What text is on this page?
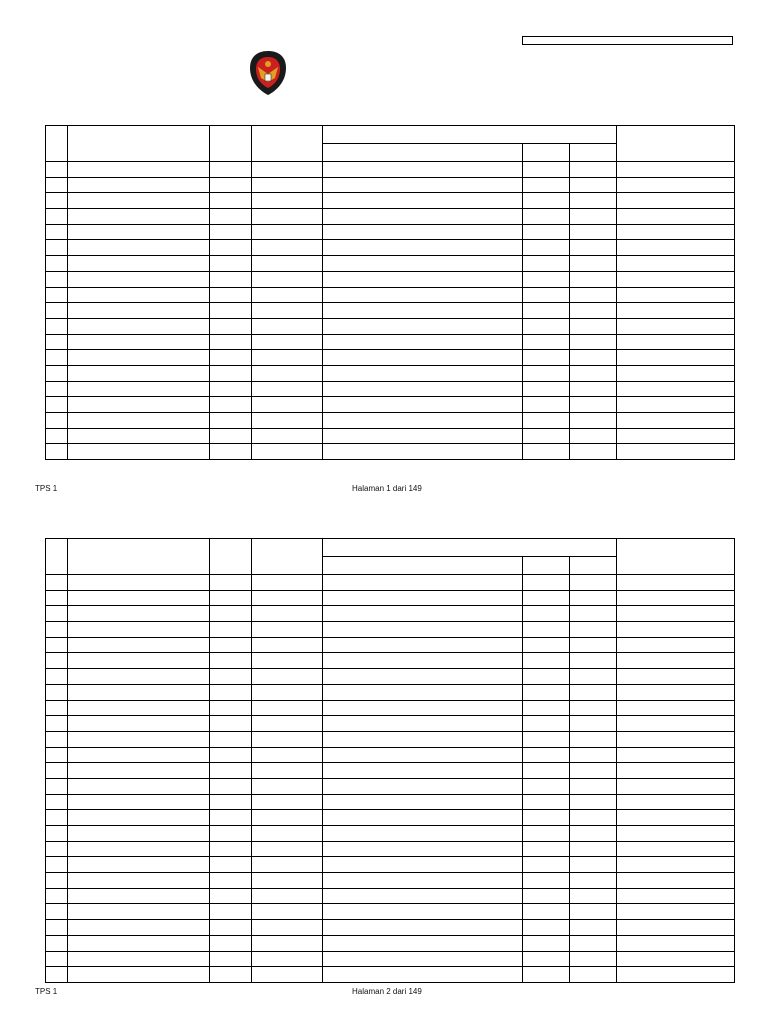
TPS 1	Halaman 1 dari 149

TPS 1	Halaman 2 dari 149
